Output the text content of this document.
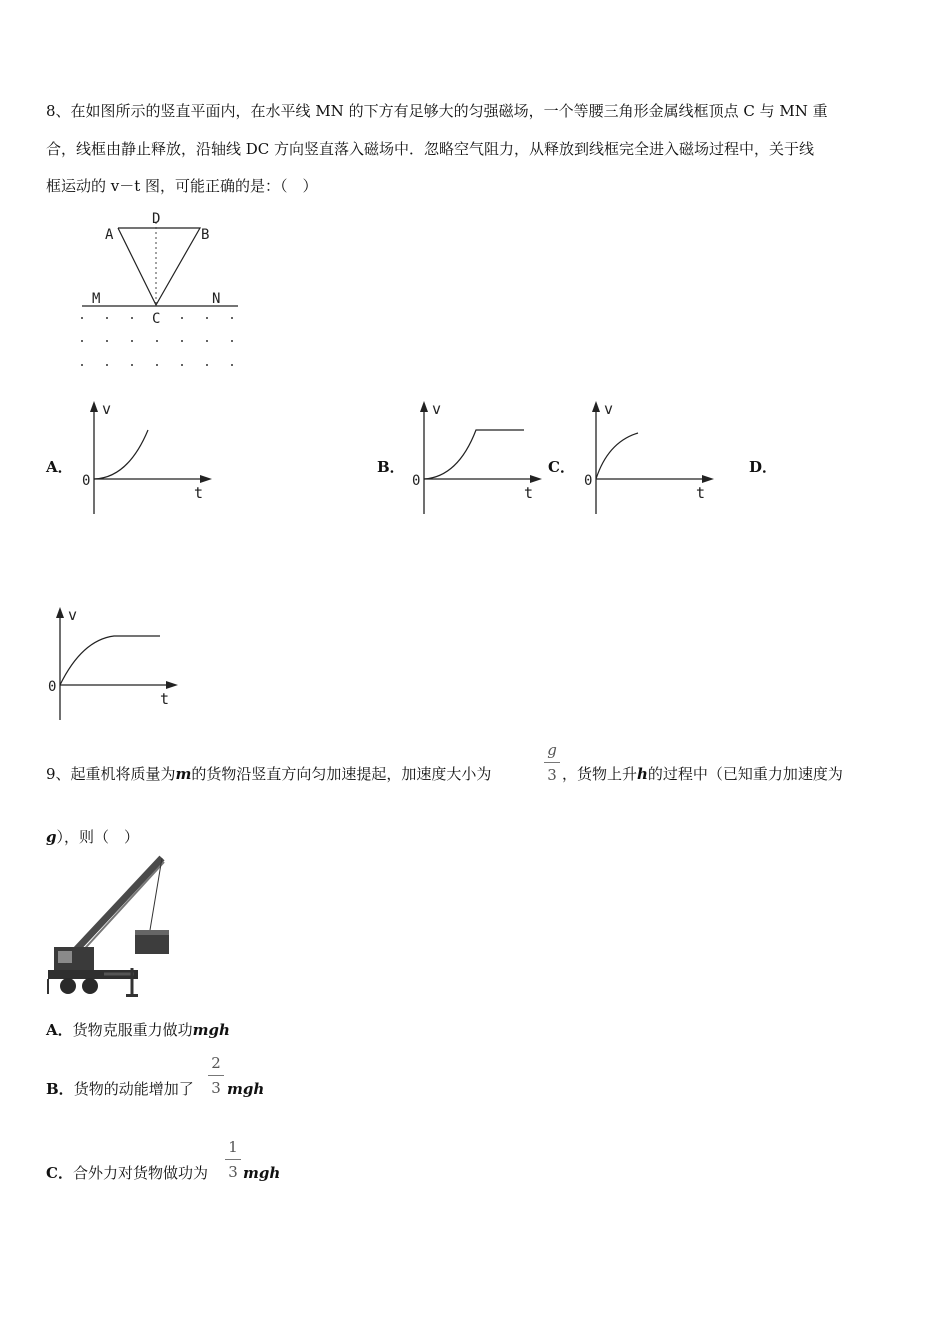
8、在如图所示的竖直平面内，在水平线 MN 的下方有足够大的匀强磁场，一个等腰三角形金属线框顶点 C 与 MN 重
合，线框由静止释放，沿轴线 DC 方向竖直落入磁场中．忽略空气阻力，从释放到线框完全进入磁场过程中，关于线
框运动的 v－t 图，可能正确的是：（　）
D
A	B
M	N
C
A．	B．	C．	D．
v
0
t
v
0
t
v
0
t
v
0
t
9、起重机将质量为m的货物沿竖直方向匀加速提起，加速度大小为
g
3 ，货物上升h的过程中（已知重力加速度为
g），则（　）
A．货物克服重力做功mgh
B．货物的动能增加了
2
3 mgh
C．合外力对货物做功为
1
3 mgh
